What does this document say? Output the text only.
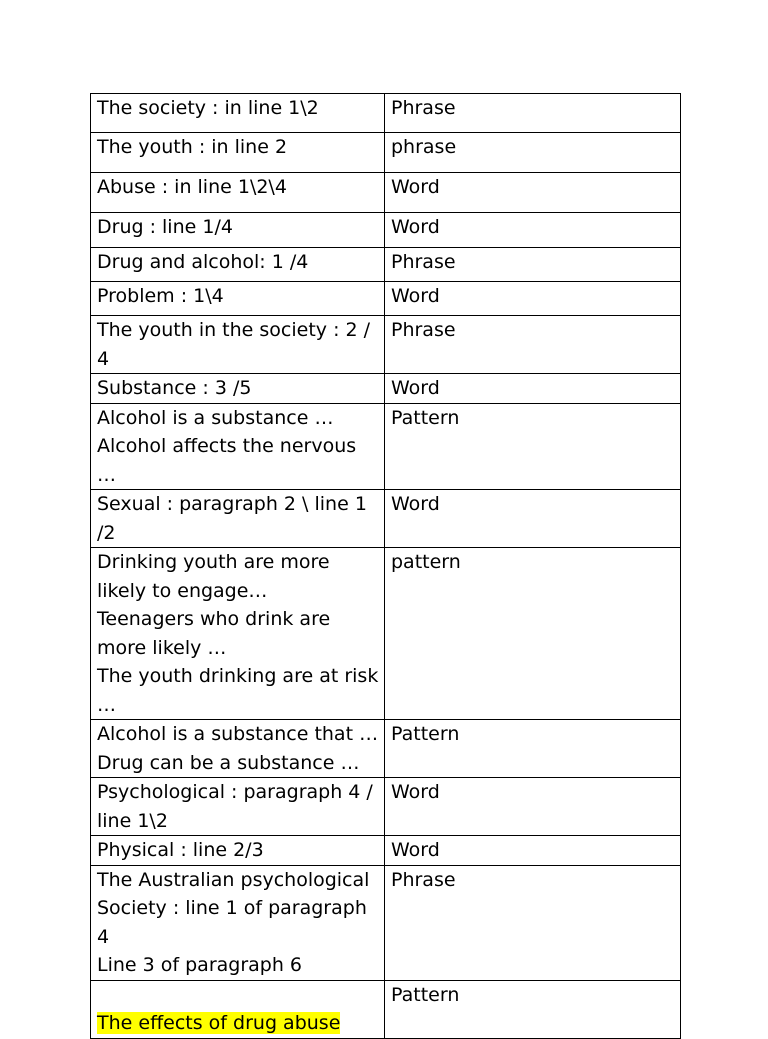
The society : in line 1\2	Phrase
The youth : in line 2	phrase
Abuse : in line 1\2\4	Word
Drug : line 1/4	Word
Drug and alcohol: 1 /4	Phrase
Problem : 1\4	Word
The youth in the society : 2 / 4	Phrase
Substance : 3 /5	Word
Alcohol is a substance …
Alcohol affects the nervous …	Pattern
Sexual : paragraph 2 \ line 1 /2	Word
Drinking youth are more likely to engage…
Teenagers who drink are more likely …
The youth drinking are at risk …	pattern
Alcohol is a substance that …
Drug can be a substance …	Pattern
Psychological : paragraph 4 / line 1\2	Word
Physical : line 2/3	Word
The Australian psychological Society : line 1 of paragraph 4
Line 3 of paragraph 6	Phrase

The effects of drug abuse	Pattern
